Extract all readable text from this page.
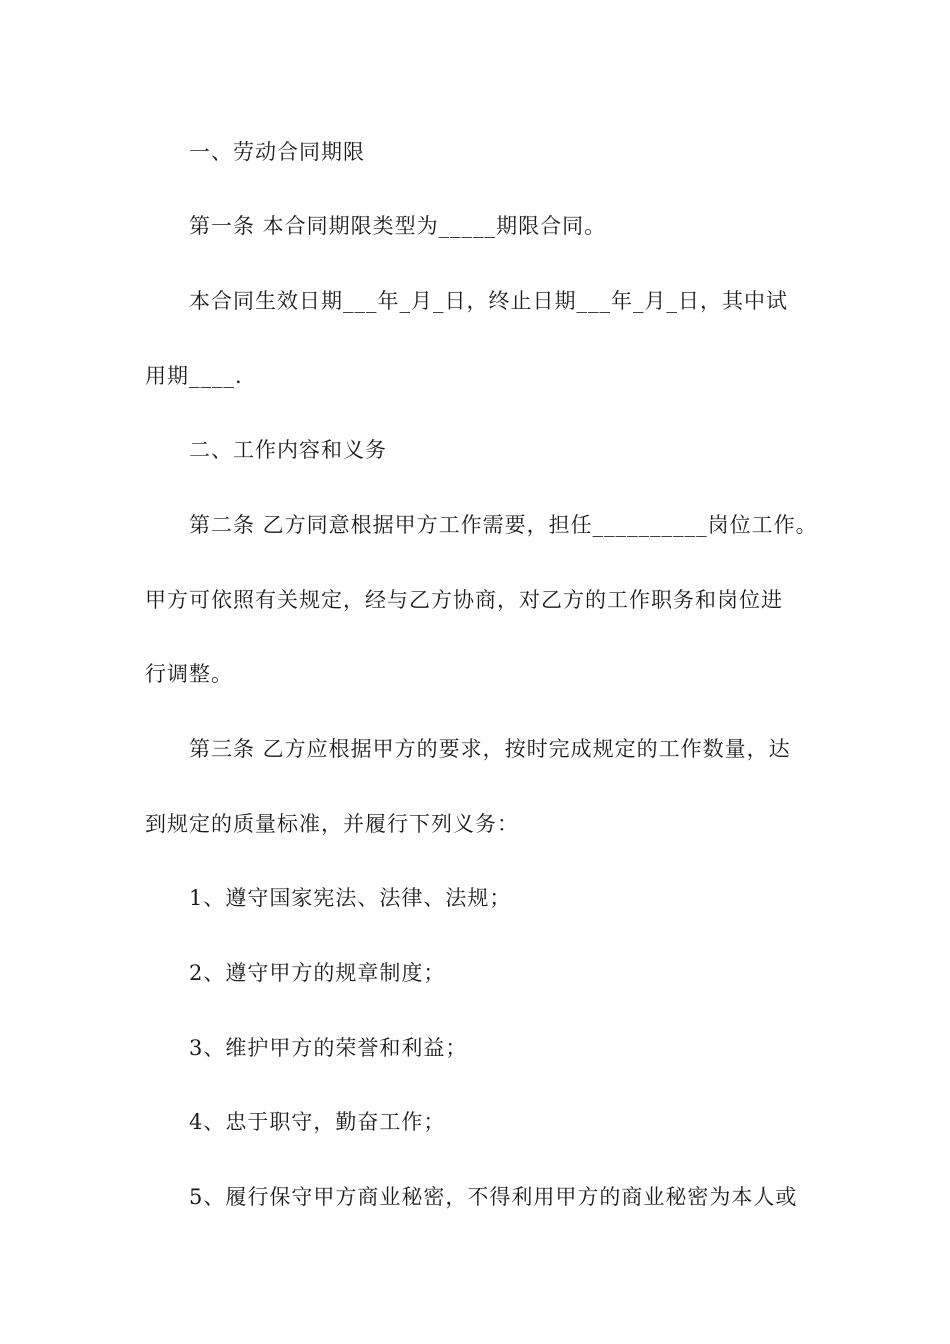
一、劳动合同期限
第一条 本合同期限类型为_____期限合同。
本合同生效日期___年_月_日，终止日期___年_月_日，其中试
用期____.
二、工作内容和义务
第二条 乙方同意根据甲方工作需要，担任__________岗位工作。
甲方可依照有关规定，经与乙方协商，对乙方的工作职务和岗位进
行调整。
第三条 乙方应根据甲方的要求，按时完成规定的工作数量，达
到规定的质量标准，并履行下列义务：
1、遵守国家宪法、法律、法规；
2、遵守甲方的规章制度；
3、维护甲方的荣誉和利益；
4、忠于职守，勤奋工作；
5、履行保守甲方商业秘密，不得利用甲方的商业秘密为本人或
